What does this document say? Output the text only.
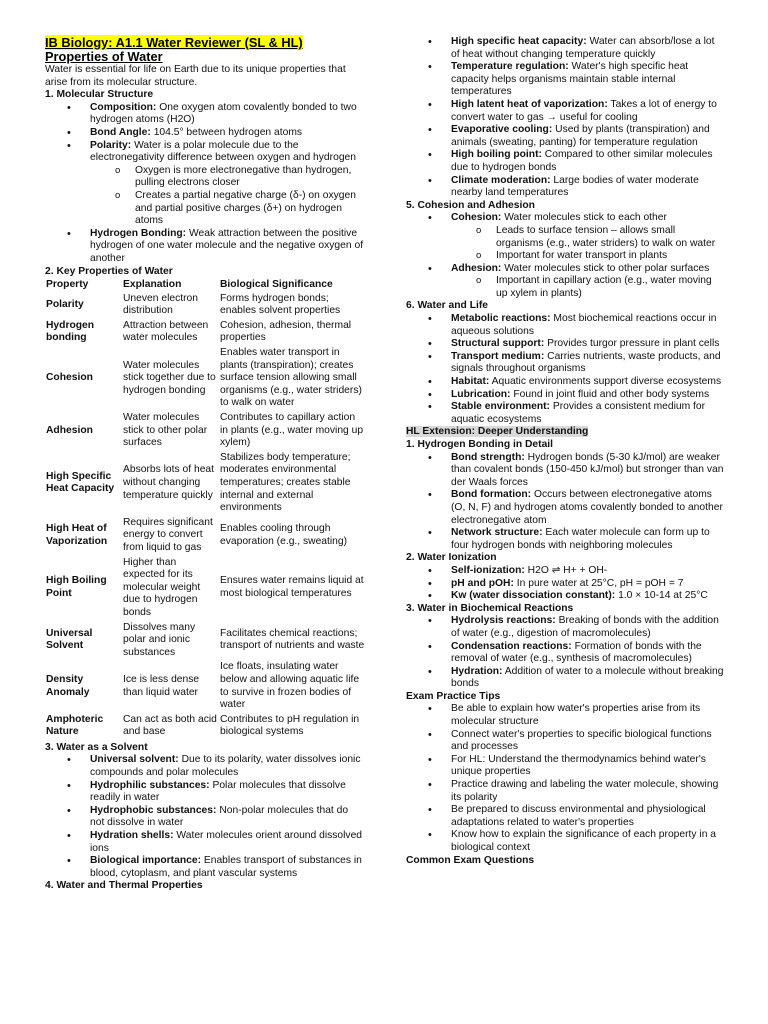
IB Biology: A1.1 Water Reviewer (SL & HL)
Properties of Water

Water is essential for life on Earth due to its unique properties that arise from its molecular structure.

1. Molecular Structure

• Composition: One oxygen atom covalently bonded to two hydrogen atoms (H2O)
• Bond Angle: 104.5° between hydrogen atoms
• Polarity: Water is a polar molecule due to the electronegativity difference between oxygen and hydrogen
o Oxygen is more electronegative than hydrogen, pulling electrons closer
o Creates a partial negative charge (δ-) on oxygen and partial positive charges (δ+) on hydrogen atoms
• Hydrogen Bonding: Weak attraction between the positive hydrogen of one water molecule and the negative oxygen of another

2. Key Properties of Water

Property	Explanation	Biological Significance
Polarity	Uneven electron distribution	Forms hydrogen bonds; enables solvent properties
Hydrogen bonding	Attraction between water molecules	Cohesion, adhesion, thermal properties
Cohesion	Water molecules stick together due to hydrogen bonding	Enables water transport in plants (transpiration); creates surface tension allowing small organisms (e.g., water striders) to walk on water
Adhesion	Water molecules stick to other polar surfaces	Contributes to capillary action in plants (e.g., water moving up xylem)
High Specific Heat Capacity	Absorbs lots of heat without changing temperature quickly	Stabilizes body temperature; moderates environmental temperatures; creates stable internal and external environments
High Heat of Vaporization	Requires significant energy to convert from liquid to gas	Enables cooling through evaporation (e.g., sweating)
High Boiling Point	Higher than expected for its molecular weight due to hydrogen bonds	Ensures water remains liquid at most biological temperatures
Universal Solvent	Dissolves many polar and ionic substances	Facilitates chemical reactions; transport of nutrients and waste
Density Anomaly	Ice is less dense than liquid water	Ice floats, insulating water below and allowing aquatic life to survive in frozen bodies of water
Amphoteric Nature	Can act as both acid and base	Contributes to pH regulation in biological systems

3. Water as a Solvent

• Universal solvent: Due to its polarity, water dissolves ionic compounds and polar molecules
• Hydrophilic substances: Polar molecules that dissolve readily in water
• Hydrophobic substances: Non-polar molecules that do not dissolve in water
• Hydration shells: Water molecules orient around dissolved ions
• Biological importance: Enables transport of substances in blood, cytoplasm, and plant vascular systems

4. Water and Thermal Properties

• High specific heat capacity: Water can absorb/lose a lot of heat without changing temperature quickly
• Temperature regulation: Water's high specific heat capacity helps organisms maintain stable internal temperatures
• High latent heat of vaporization: Takes a lot of energy to convert water to gas → useful for cooling
• Evaporative cooling: Used by plants (transpiration) and animals (sweating, panting) for temperature regulation
• High boiling point: Compared to other similar molecules due to hydrogen bonds
• Climate moderation: Large bodies of water moderate nearby land temperatures

5. Cohesion and Adhesion

• Cohesion: Water molecules stick to each other
o Leads to surface tension – allows small organisms (e.g., water striders) to walk on water
o Important for water transport in plants
• Adhesion: Water molecules stick to other polar surfaces
o Important in capillary action (e.g., water moving up xylem in plants)

6. Water and Life

• Metabolic reactions: Most biochemical reactions occur in aqueous solutions
• Structural support: Provides turgor pressure in plant cells
• Transport medium: Carries nutrients, waste products, and signals throughout organisms
• Habitat: Aquatic environments support diverse ecosystems
• Lubrication: Found in joint fluid and other body systems
• Stable environment: Provides a consistent medium for aquatic ecosystems

HL Extension: Deeper Understanding

1. Hydrogen Bonding in Detail

• Bond strength: Hydrogen bonds (5-30 kJ/mol) are weaker than covalent bonds (150-450 kJ/mol) but stronger than van der Waals forces
• Bond formation: Occurs between electronegative atoms (O, N, F) and hydrogen atoms covalently bonded to another electronegative atom
• Network structure: Each water molecule can form up to four hydrogen bonds with neighboring molecules

2. Water Ionization

• Self-ionization: H2O ⇌ H+ + OH-
• pH and pOH: In pure water at 25°C, pH = pOH = 7
• Kw (water dissociation constant): 1.0 × 10-14 at 25°C

3. Water in Biochemical Reactions

• Hydrolysis reactions: Breaking of bonds with the addition of water (e.g., digestion of macromolecules)
• Condensation reactions: Formation of bonds with the removal of water (e.g., synthesis of macromolecules)
• Hydration: Addition of water to a molecule without breaking bonds

Exam Practice Tips

• Be able to explain how water's properties arise from its molecular structure
• Connect water's properties to specific biological functions and processes
• For HL: Understand the thermodynamics behind water's unique properties
• Practice drawing and labeling the water molecule, showing its polarity
• Be prepared to discuss environmental and physiological adaptations related to water's properties
• Know how to explain the significance of each property in a biological context

Common Exam Questions
